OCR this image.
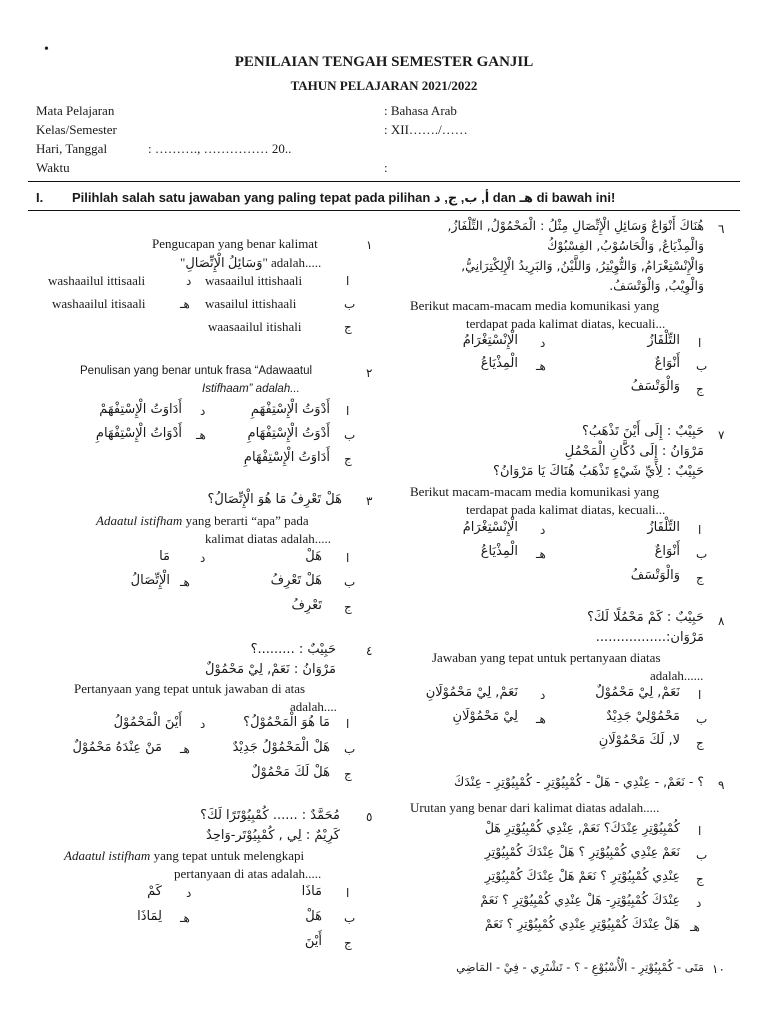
•
PENILAIAN TENGAH SEMESTER GANJIL
TAHUN PELAJARAN 2021/2022
Mata Pelajaran	: Bahasa Arab
Kelas/Semester	: XII……./……
Hari, Tanggal	: ………., …………… 20..
Waktu	:
I. Pilihlah salah satu jawaban yang paling tepat pada pilihan أ, ب, ج, د dan هـ di bawah ini!
١
Pengucapan yang benar kalimat
"وَسَائِلُ الْإِتِّصَالِ" adalah.....
ا
wasaailul ittishaali
د
washaailul ittisaali
ب
wasailul ittishaali
هـ
washaailul itisaali
ج
waasaailul itishali
٢
Penulisan yang benar untuk frasa “Adawaatul
Istifhaam” adalah...
ا
أَدْوَتُ الْإِسْتِفْهَمِ
د
أَدَاوَتُ الْإِسْتِفْهَمْ
ب
أَدْوَتُ الْإِسْتِفْهَامِ
هـ
أَدْوَاتُ الْإِسْتِفْهَامِ
ج
أَدَاوَتُ الْإِسْتِفْهَامِ
٣
هَلْ تَعْرِفُ مَا هُوَ الْإِتِّصَالُ؟
Adaatul istifham yang berarti “apa” pada
kalimat diatas adalah.....
ا
هَلْ
د
مَا
ب
هَلْ تَعْرِفُ
هـ
الْإِتِّصَالُ
ج
تَعْرِفُ
٤
حَبِيْبٌ : .........؟
مَرْوَانُ : نَعَمْ, لِيْ مَحْمُوْلٌ
Pertanyaan yang tepat untuk jawaban di atas
adalah....
ا
مَا هُوَ الْمَحْمُوْلُ؟
د
أَيْنَ الْمَحْمُوْلُ
ب
هَلْ الْمَحْمُوْلُ جَدِيْدٌ
هـ
مَنْ عِنْدَهُ مَحْمُوْلٌ
ج
هَلْ لَكَ مَحْمُوْلٌ
٥
مُحَمَّدٌ : ...... كُمْبِيُوْتَرًا لَكَ؟
كَرِيْمٌ : لِي , كُمْبِيُوْتَر-وَاحِدٌ
Adaatul istifham yang tepat untuk melengkapi
pertanyaan di atas adalah.....
ا
مَاذَا
د
كَمْ
ب
هَلْ
هـ
لِمَاذَا
ج
أَيْنَ
٦
هُنَاكَ أَنْوَاعٌ وَسَائِلِ الْإِتِّصَالِ مِثْلُ : الْمَحْمُوْلُ, التِّلْفَازُ,
وَالْمِذْيَاعُ, وَالْحَاسُوْبُ, الفِسْبُوْكُ
وَالْإِنْسْتِغْرَامُ, وَالتُّوِيْتِرُ, وَاللَّيْنُ, وَالبَرِيدُ الْإِلِكْتِرَانِيُّ,
وَالْوِيْبُ, وَالْوَتْسَفُ.
Berikut macam-macam media komunikasi yang
terdapat pada kalimat diatas, kecuali...
ا
التِّلْفَازُ
د
الْإِنْسْتِغْرَامُ
ب
أَنْوَاعٌ
هـ
الْمِذْيَاعُ
ج
وَالْوَتْسَفُ
٧
حَبِيْبٌ : إِلَى أَيْنَ تَذْهَبُ؟
مَرْوَانُ : إِلَى دُكَّانِ الْمَحْمُلِ
حَبِيْبٌ : لِأَيِّ شَيْءٍ تَذْهَبُ هُنَاكَ يَا مَرْوَانُ؟
Berikut macam-macam media komunikasi yang
terdapat pada kalimat diatas, kecuali...
ا
التِّلْفَازُ
د
الْإِنْسْتِغْرَامُ
ب
أَنْوَاعٌ
هـ
الْمِذْيَاعُ
ج
وَالْوَتْسَفُ
٨
حَبِيْبٌ : كَمْ مَحْمُلًا لَكَ؟
مَرْوَان:.................
Jawaban yang tepat untuk pertanyaan diatas
adalah......
ا
نَعَمْ, لِيْ مَحْمُوْلٌ
د
نَعَمْ, لِيْ مَحْمُوْلَانِ
ب
مَحْمُوْلِيْ جَدِيْدٌ
هـ
لِيْ مَحْمُوْلَانِ
ج
لا, لَكَ مَحْمُوْلَانِ
٩
؟ - نَعَمْ, - عِنْدِي - هَلْ - كُمْبِيُوْتِرِ - كُمْبِيُوْتِرِ - عِنْدَكَ
Urutan yang benar dari kalimat diatas adalah.....
ا
كُمْبِيُوْتِرِ عِنْدَكَ؟ نَعَمْ, عِنْدِي كُمْبِيُوْتِرِ هَلْ
ب
نَعَمْ عِنْدِي كُمْبِيُوْتِرِ ؟ هَلْ عِنْدَكَ كُمْبِيُوْتِرِ
ج
عِنْدِي كُمْبِيُوْتِرِ ؟ نَعَمْ هَلْ عِنْدَكَ كُمْبِيُوْتِرِ
د
عِنْدَكَ كُمْبِيُوْتِرِ- هَلْ عِنْدِي كُمْبِيُوْتِرِ ؟ نَعَمْ
هـ
هَلْ عِنْدَكَ كُمْبِيُوْتِرِ عِنْدِي كُمْبِيُوْتِرِ ؟ نَعَمْ
١٠
مَتَى - كُمْبِيُوْتِرِ - الْأُسْبُوْعِ - ؟ - تَشْتَرِي - فِيْ - المَاضِي
